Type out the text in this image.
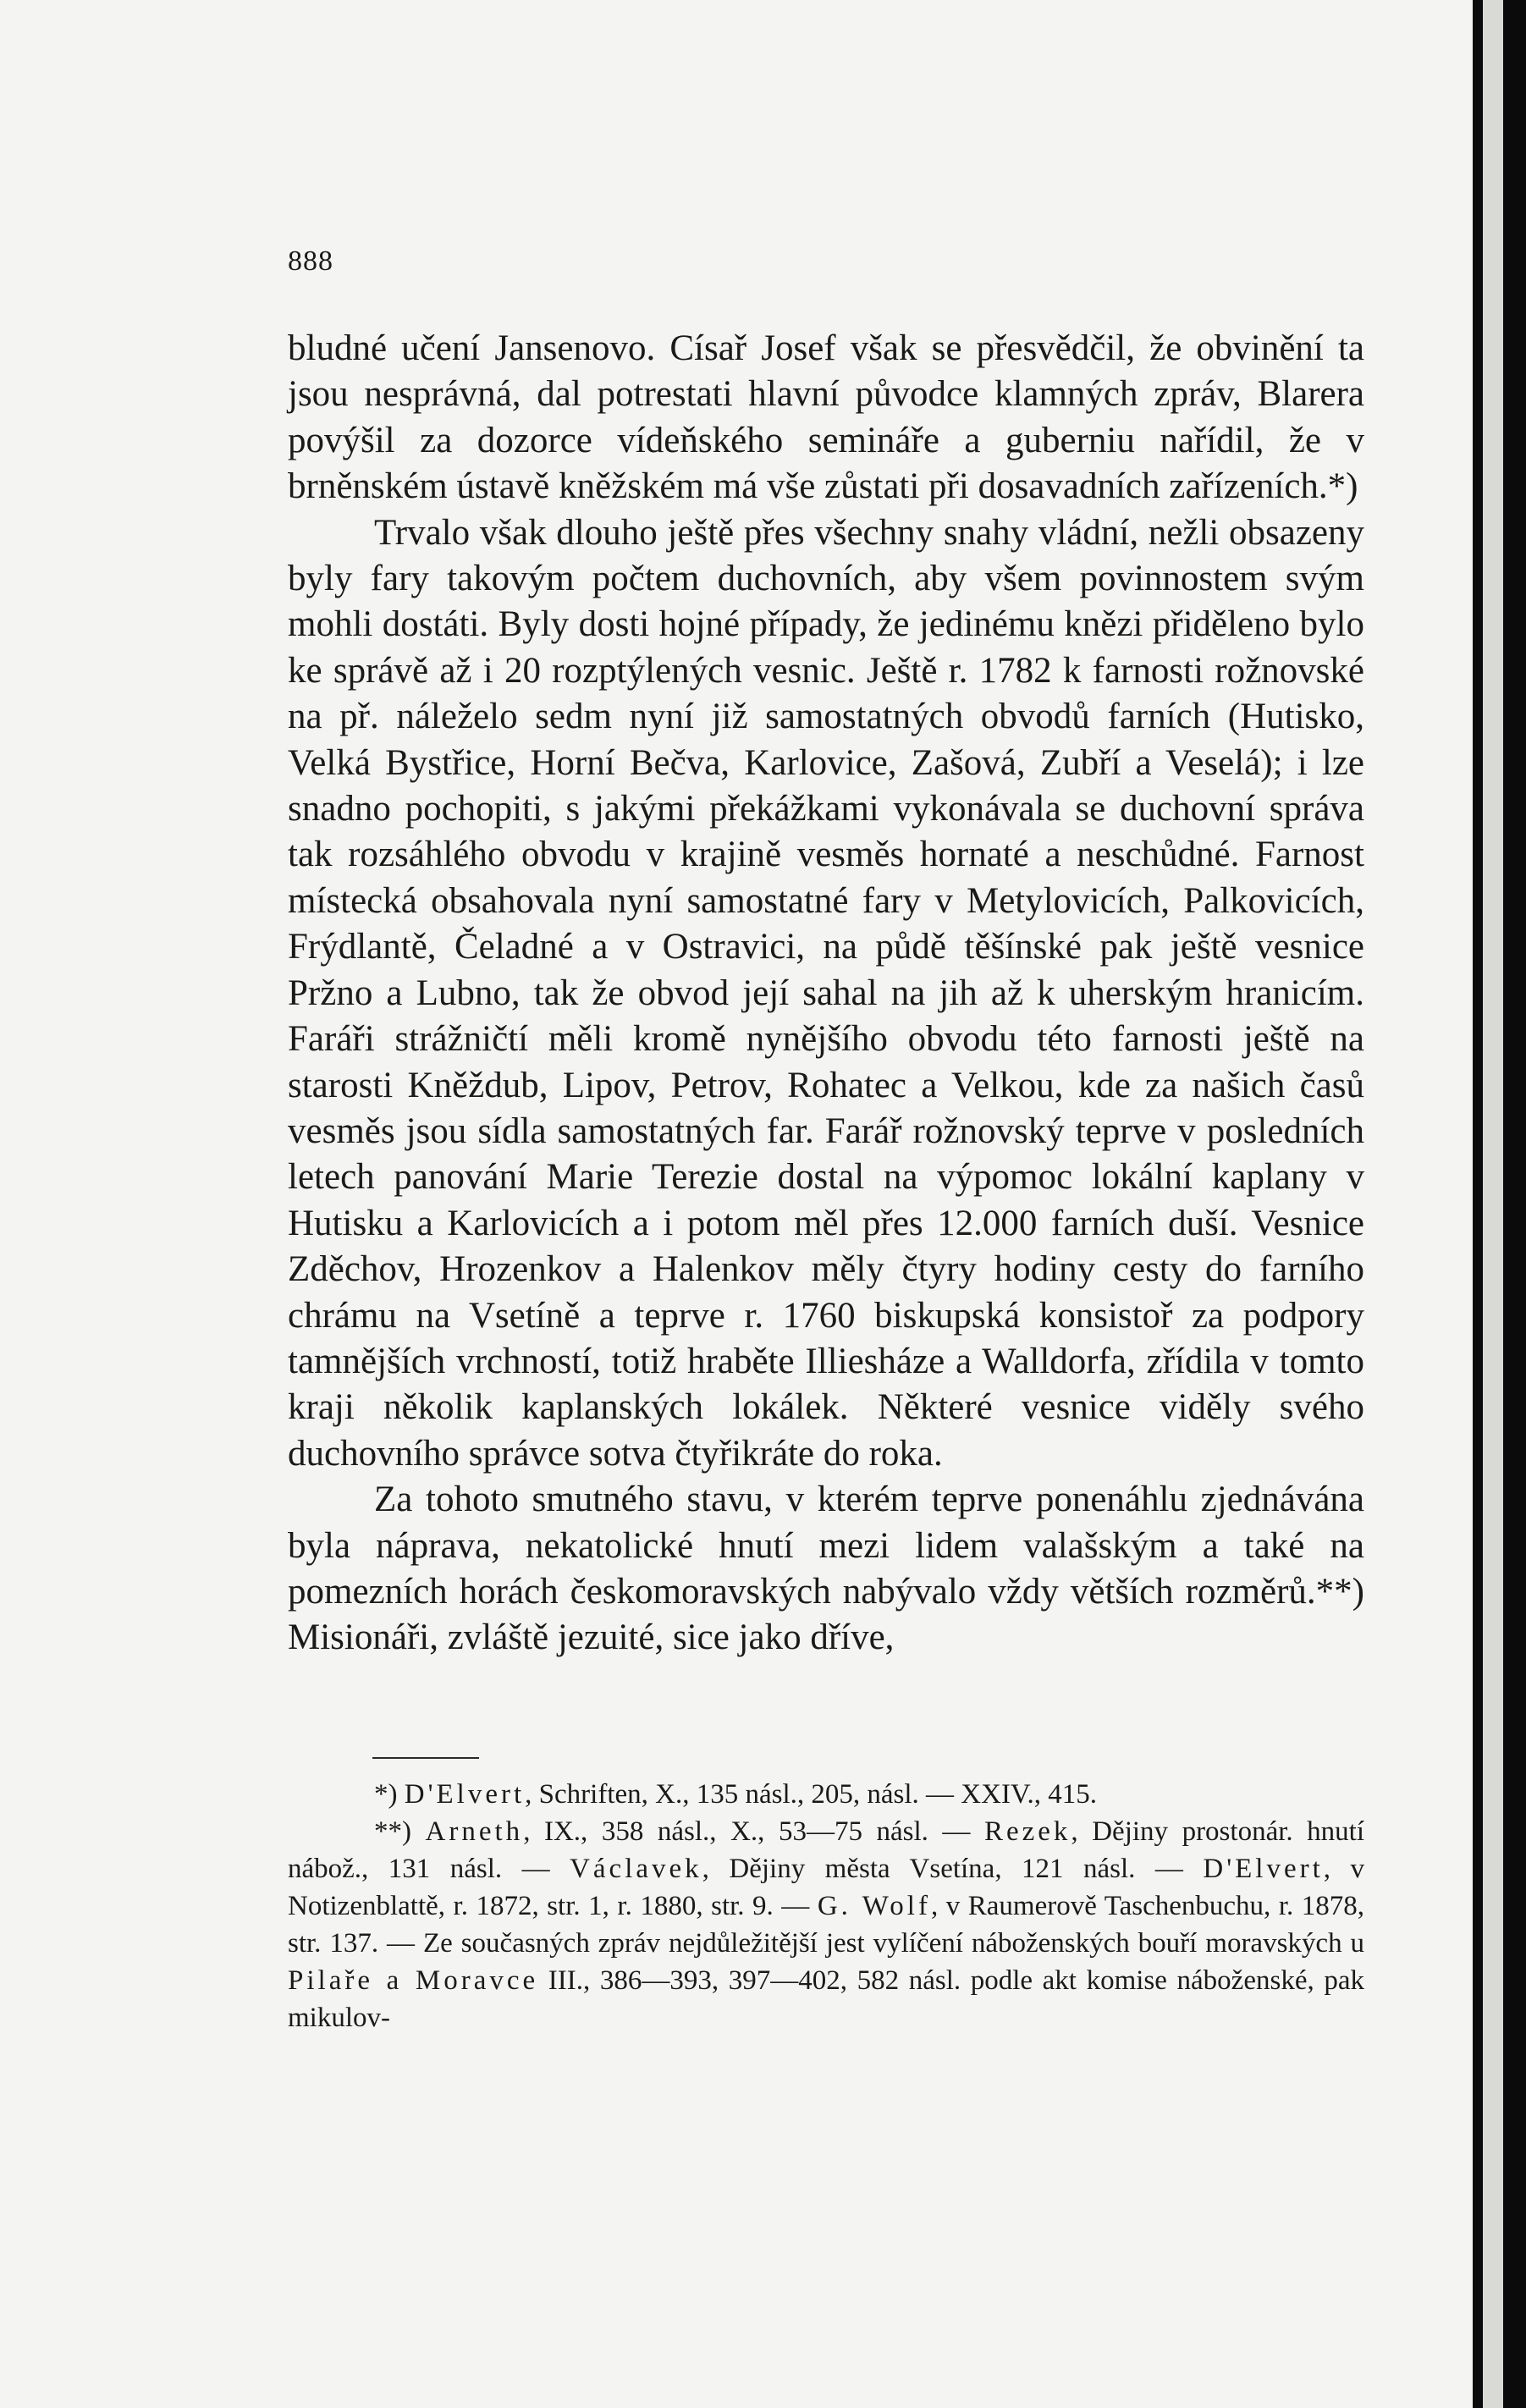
888

bludné učení Jansenovo. Císař Josef však se přesvědčil, že obvinění ta jsou nesprávná, dal potrestati hlavní původce klamných zpráv, Blarera povýšil za dozorce vídeňského semináře a guberniu nařídil, že v brněnském ústavě kněžském má vše zůstati při dosavadních zařízeních.*)

Trvalo však dlouho ještě přes všechny snahy vládní, nežli obsazeny byly fary takovým počtem duchovních, aby všem povinnostem svým mohli dostáti. Byly dosti hojné případy, že jedinému knězi přiděleno bylo ke správě až i 20 rozptýlených vesnic. Ještě r. 1782 k farnosti rožnovské na př. náleželo sedm nyní již samostatných obvodů farních (Hutisko, Velká Bystřice, Horní Bečva, Karlovice, Zašová, Zubří a Veselá); i lze snadno pochopiti, s jakými překážkami vykonávala se duchovní správa tak rozsáhlého obvodu v krajině vesměs hornaté a neschůdné. Farnost místecká obsahovala nyní samostatné fary v Metylovicích, Palkovicích, Frýdlantě, Čeladné a v Ostravici, na půdě těšínské pak ještě vesnice Pržno a Lubno, tak že obvod její sahal na jih až k uherským hranicím. Faráři strážničtí měli kromě nynějšího obvodu této farnosti ještě na starosti Kněždub, Lipov, Petrov, Rohatec a Velkou, kde za našich časů vesměs jsou sídla samostatných far. Farář rožnovský teprve v posledních letech panování Marie Terezie dostal na výpomoc lokální kaplany v Hutisku a Karlovicích a i potom měl přes 12.000 farních duší. Vesnice Zděchov, Hrozenkov a Halenkov měly čtyry hodiny cesty do farního chrámu na Vsetíně a teprve r. 1760 biskupská konsistoř za podpory tamnějších vrchností, totiž hraběte Illiesháze a Walldorfa, zřídila v tomto kraji několik kaplanských lokálek. Některé vesnice viděly svého duchovního správce sotva čtyřikráte do roka.

Za tohoto smutného stavu, v kterém teprve ponenáhlu zjednávána byla náprava, nekatolické hnutí mezi lidem valašským a také na pomezních horách českomoravských nabývalo vždy větších rozměrů.**) Misionáři, zvláště jezuité, sice jako dříve,

*) D'Elvert, Schriften, X., 135 násl., 205, násl. — XXIV., 415.

**) Arneth, IX., 358 násl., X., 53—75 násl. — Rezek, Dějiny prostonár. hnutí nábož., 131 násl. — Václavek, Dějiny města Vsetína, 121 násl. — D'Elvert, v Notizenblattě, r. 1872, str. 1, r. 1880, str. 9. — G. Wolf, v Raumerově Taschenbuchu, r. 1878, str. 137. — Ze současných zpráv nejdůležitější jest vylíčení náboženských bouří moravských u Pilaře a Moravce III., 386—393, 397—402, 582 násl. podle akt komise náboženské, pak mikulov-
